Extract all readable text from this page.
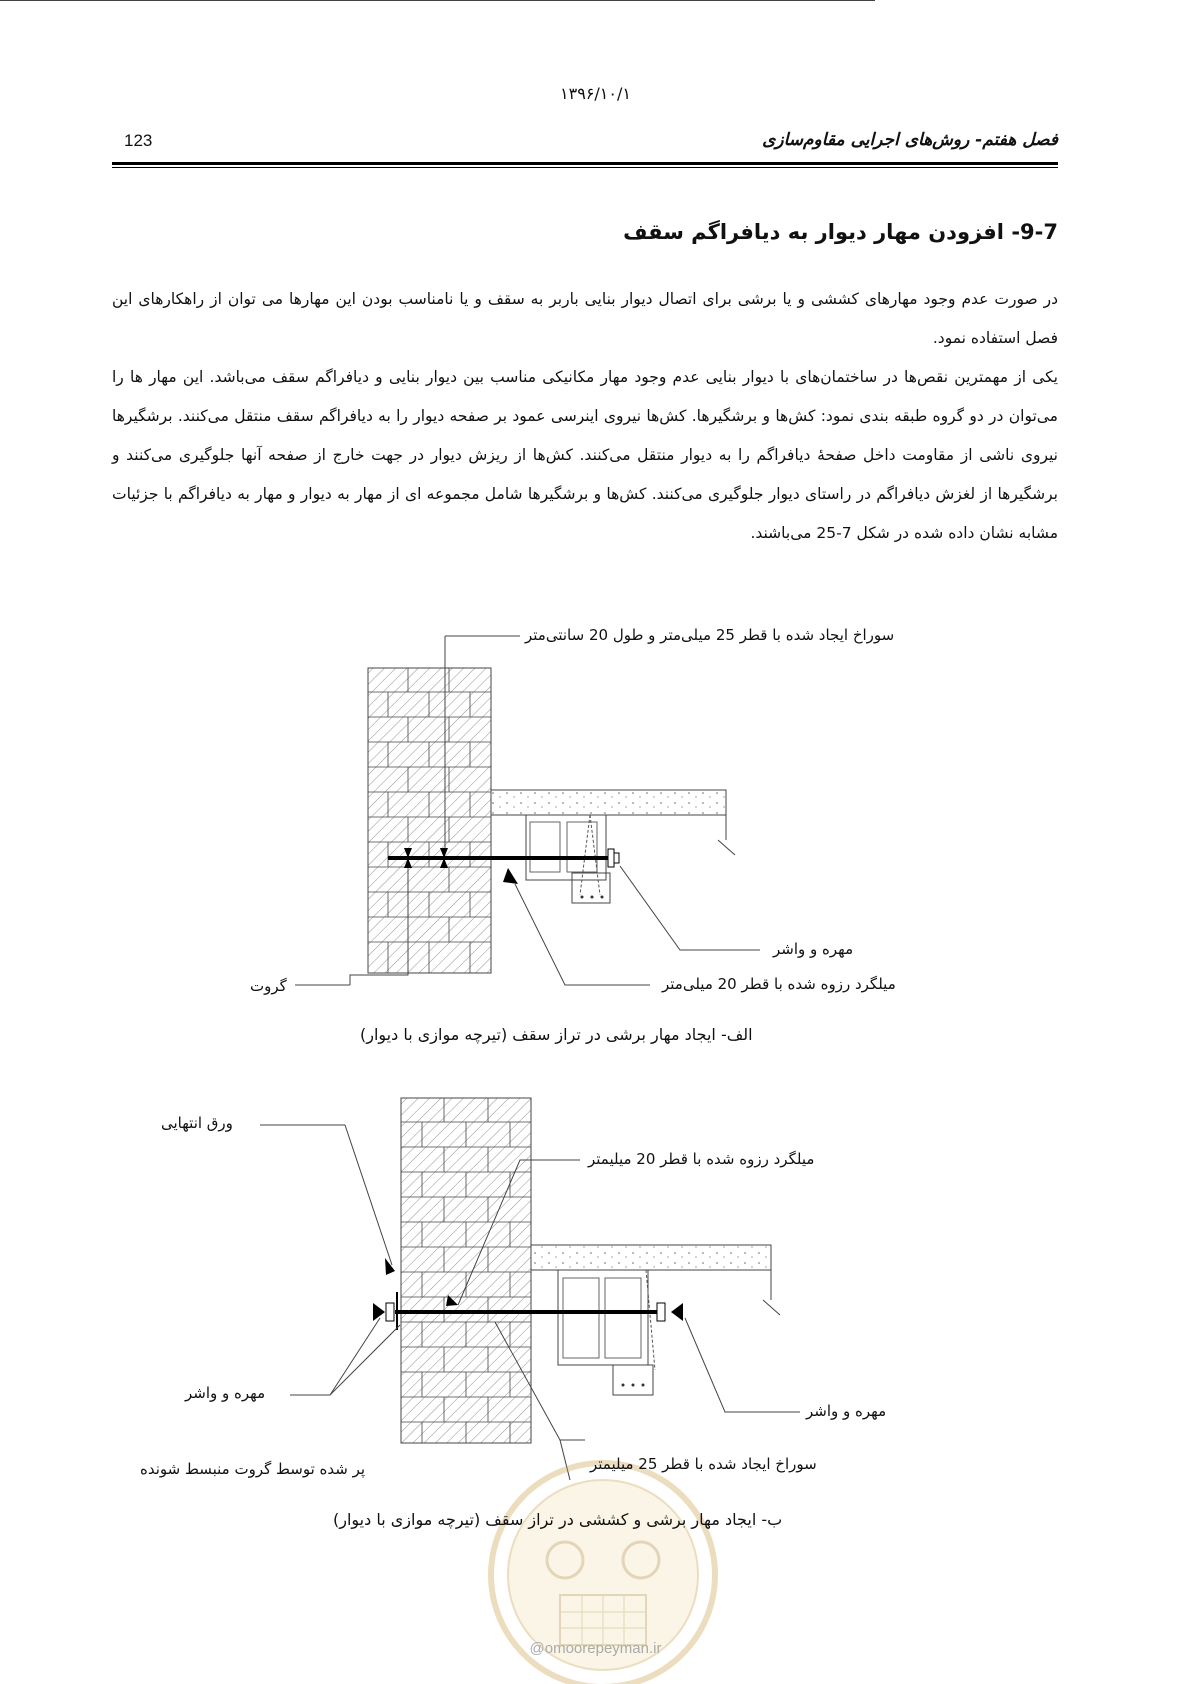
۱۳۹۶/۱۰/۱
123	فصل هفتم- روش‌های اجرایی مقاوم‌سازی
9-7- افزودن مهار دیوار به دیافراگم سقف

در صورت عدم وجود مهارهای کششی و یا برشی برای اتصال دیوار بنایی باربر به سقف و یا نامناسب بودن این مهارها می توان از راهکارهای این فصل استفاده نمود.

یکی از مهمترین نقص‌ها در ساختمان‌های با دیوار بنایی عدم وجود مهار مکانیکی مناسب بین دیوار بنایی و دیافراگم سقف می‌باشد. این مهار ها را می‌توان در دو گروه طبقه بندی نمود: کش‌ها و برشگیرها. کش‌ها نیروی اینرسی عمود بر صفحه دیوار را به دیافراگم سقف منتقل می‌کنند. برشگیرها نیروی ناشی از مقاومت داخل صفحهٔ دیافراگم را به دیوار منتقل می‌کنند. کش‌ها از ریزش دیوار در جهت خارج از صفحه آنها جلوگیری می‌کنند و برشگیرها از لغزش دیافراگم در راستای دیوار جلوگیری می‌کنند. کش‌ها و برشگیرها شامل مجموعه ای از مهار به دیوار و مهار به دیافراگم با جزئیات مشابه نشان داده شده در شکل 7-25 می‌باشند.

سوراخ ایجاد شده با قطر 25 میلی‌متر و طول 20 سانتی‌متر
مهره و واشر
میلگرد رزوه شده با قطر 20 میلی‌متر
گروت
الف- ایجاد مهار برشی در تراز سقف (تیرچه موازی با دیوار)
ورق انتهایی
میلگرد رزوه شده با قطر 20 میلیمتر
مهره و واشر
مهره و واشر
پر شده توسط گروت منبسط شونده	سوراخ ایجاد شده با قطر 25 میلیمتر
ب- ایجاد مهار برشی و کششی در تراز سقف (تیرچه موازی با دیوار)
@omoorepeyman.ir
